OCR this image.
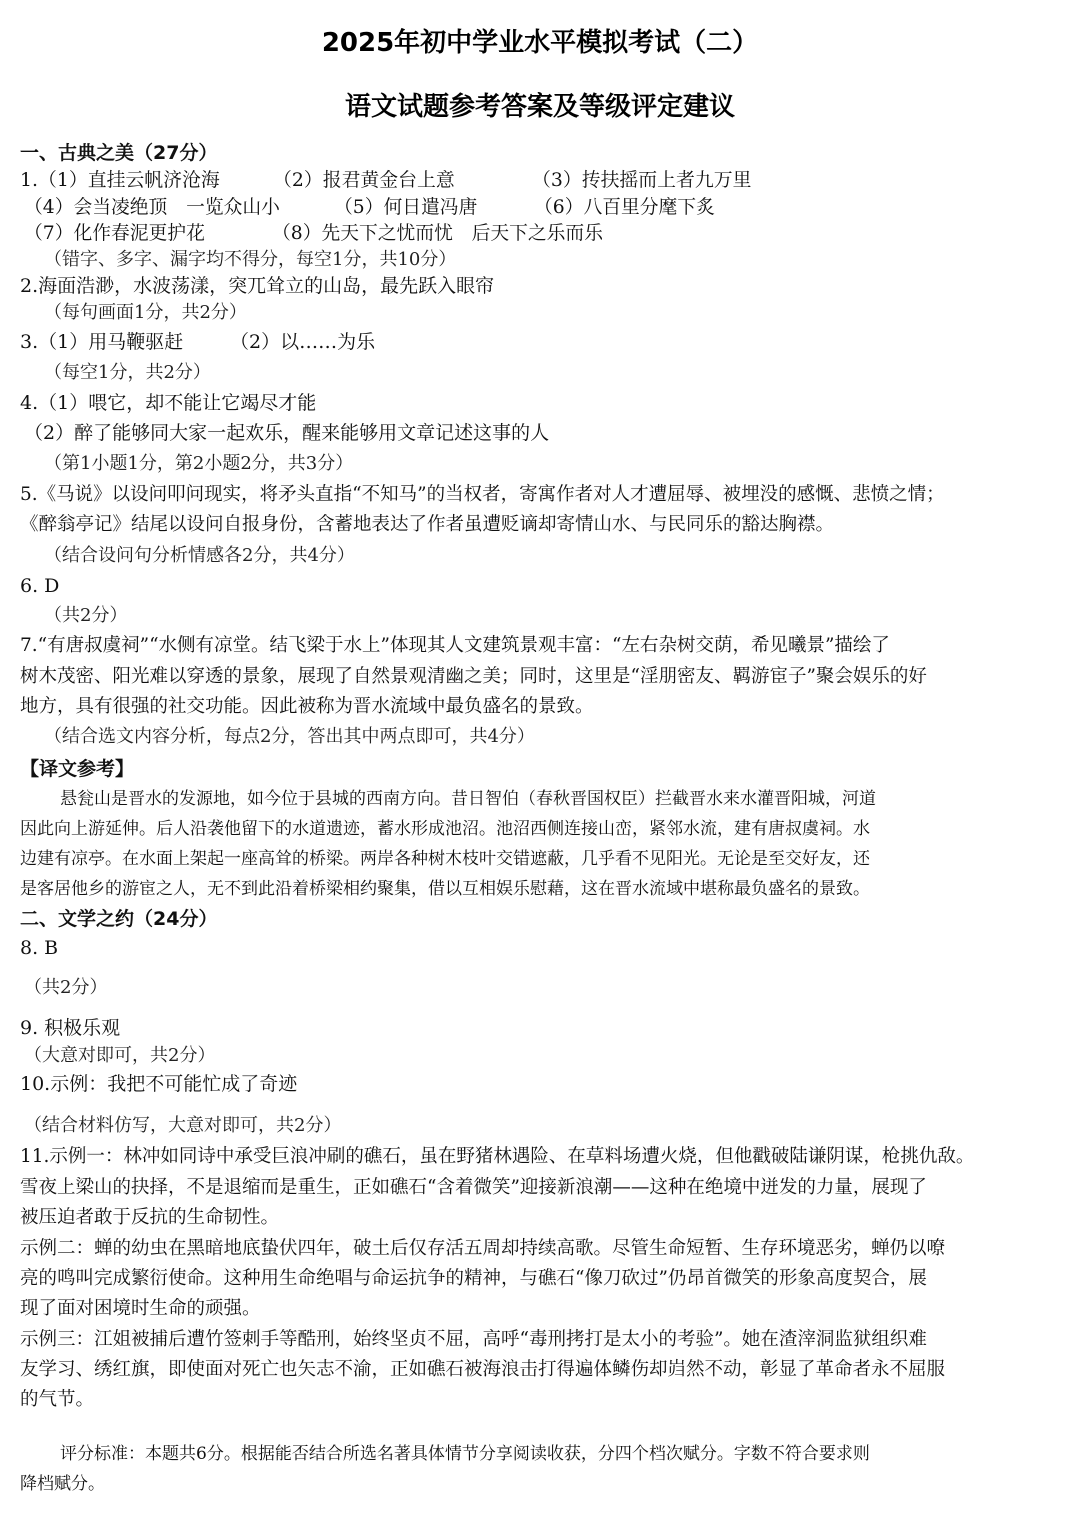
2025年初中学业水平模拟考试（二）
语文试题参考答案及等级评定建议
一、古典之美（27分）
1.（1）直挂云帆济沧海	（2）报君黄金台上意	（3）抟扶摇而上者九万里
（4）会当凌绝顶　一览众山小	（5）何日遣冯唐	（6）八百里分麾下炙
（7）化作春泥更护花	（8）先天下之忧而忧　后天下之乐而乐
（错字、多字、漏字均不得分，每空1分，共10分）
2.海面浩渺，水波荡漾，突兀耸立的山岛，最先跃入眼帘
（每句画面1分，共2分）
3.（1）用马鞭驱赶 （2）以……为乐
（每空1分，共2分）
4.（1）喂它，却不能让它竭尽才能
（2）醉了能够同大家一起欢乐，醒来能够用文章记述这事的人
（第1小题1分，第2小题2分，共3分）
5.《马说》以设问叩问现实，将矛头直指“不知马”的当权者，寄寓作者对人才遭屈辱、被埋没的感慨、悲愤之情；
《醉翁亭记》结尾以设问自报身份，含蓄地表达了作者虽遭贬谪却寄情山水、与民同乐的豁达胸襟。
（结合设问句分析情感各2分，共4分）
6. D
（共2分）
7.“有唐叔虞祠”“水侧有凉堂。结飞梁于水上”体现其人文建筑景观丰富：“左右杂树交荫，希见曦景”描绘了
树木茂密、阳光难以穿透的景象，展现了自然景观清幽之美；同时，这里是“淫朋密友、羁游宦子”聚会娱乐的好
地方，具有很强的社交功能。因此被称为晋水流域中最负盛名的景致。
（结合选文内容分析，每点2分，答出其中两点即可，共4分）
【译文参考】
悬瓮山是晋水的发源地，如今位于县城的西南方向。昔日智伯（春秋晋国权臣）拦截晋水来水灌晋阳城，河道
因此向上游延伸。后人沿袭他留下的水道遗迹，蓄水形成池沼。池沼西侧连接山峦，紧邻水流，建有唐叔虞祠。水
边建有凉亭。在水面上架起一座高耸的桥梁。两岸各种树木枝叶交错遮蔽，几乎看不见阳光。无论是至交好友，还
是客居他乡的游宦之人，无不到此沿着桥梁相约聚集，借以互相娱乐慰藉，这在晋水流域中堪称最负盛名的景致。
二、文学之约（24分）
8. B
（共2分）
9. 积极乐观
（大意对即可，共2分）
10.示例：我把不可能忙成了奇迹
（结合材料仿写，大意对即可，共2分）
11.示例一：林冲如同诗中承受巨浪冲刷的礁石，虽在野猪林遇险、在草料场遭火烧，但他戳破陆谦阴谋，枪挑仇敌。
雪夜上梁山的抉择，不是退缩而是重生，正如礁石“含着微笑”迎接新浪潮——这种在绝境中迸发的力量，展现了
被压迫者敢于反抗的生命韧性。
示例二：蝉的幼虫在黑暗地底蛰伏四年，破土后仅存活五周却持续高歌。尽管生命短暂、生存环境恶劣，蝉仍以嘹
亮的鸣叫完成繁衍使命。这种用生命绝唱与命运抗争的精神，与礁石“像刀砍过”仍昂首微笑的形象高度契合，展
现了面对困境时生命的顽强。
示例三：江姐被捕后遭竹签刺手等酷刑，始终坚贞不屈，高呼“毒刑拷打是太小的考验”。她在渣滓洞监狱组织难
友学习、绣红旗，即使面对死亡也矢志不渝，正如礁石被海浪击打得遍体鳞伤却岿然不动，彰显了革命者永不屈服
的气节。
评分标准：本题共6分。根据能否结合所选名著具体情节分享阅读收获，分四个档次赋分。字数不符合要求则
降档赋分。
